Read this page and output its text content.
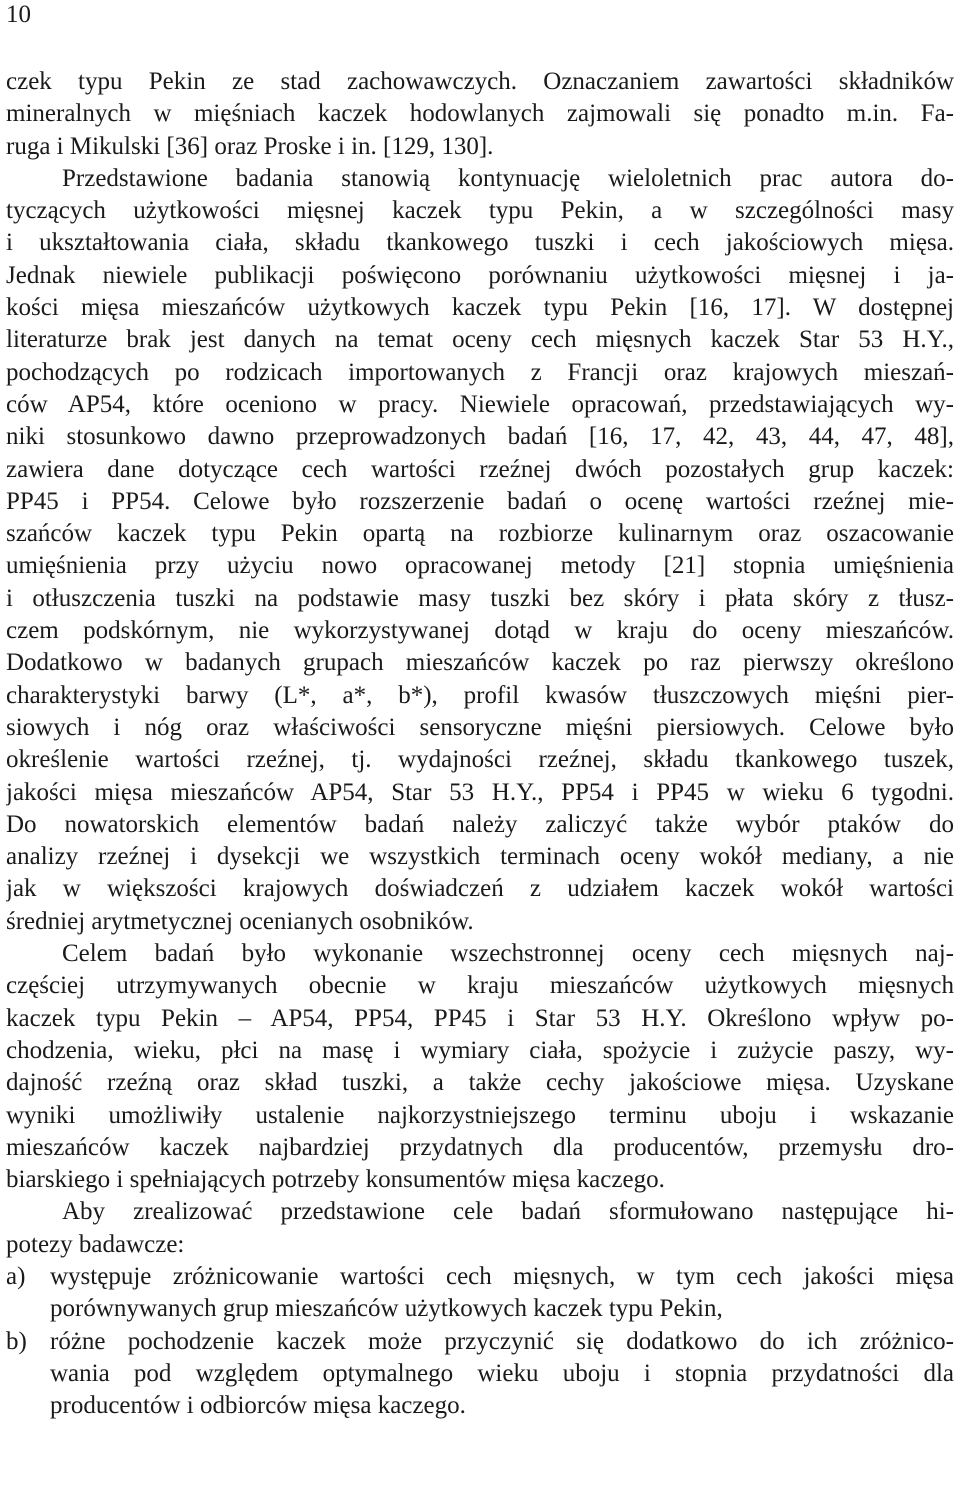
10
czek typu Pekin ze stad zachowawczych. Oznaczaniem zawartości składników
mineralnych w mięśniach kaczek hodowlanych zajmowali się ponadto m.in. Fa-
ruga i Mikulski [36] oraz Proske i in. [129, 130].
Przedstawione badania stanowią kontynuację wieloletnich prac autora do-
tyczących użytkowości mięsnej kaczek typu Pekin, a w szczególności masy
i ukształtowania ciała, składu tkankowego tuszki i cech jakościowych mięsa.
Jednak niewiele publikacji poświęcono porównaniu użytkowości mięsnej i ja-
kości mięsa mieszańców użytkowych kaczek typu Pekin [16, 17]. W dostępnej
literaturze brak jest danych na temat oceny cech mięsnych kaczek Star 53 H.Y.,
pochodzących po rodzicach importowanych z Francji oraz krajowych mieszań-
ców AP54, które oceniono w pracy. Niewiele opracowań, przedstawiających wy-
niki stosunkowo dawno przeprowadzonych badań [16, 17, 42, 43, 44, 47, 48],
zawiera dane dotyczące cech wartości rzeźnej dwóch pozostałych grup kaczek:
PP45 i PP54. Celowe było rozszerzenie badań o ocenę wartości rzeźnej mie-
szańców kaczek typu Pekin opartą na rozbiorze kulinarnym oraz oszacowanie
umięśnienia przy użyciu nowo opracowanej metody [21] stopnia umięśnienia
i otłuszczenia tuszki na podstawie masy tuszki bez skóry i płata skóry z tłusz-
czem podskórnym, nie wykorzystywanej dotąd w kraju do oceny mieszańców.
Dodatkowo w badanych grupach mieszańców kaczek po raz pierwszy określono
charakterystyki barwy (L*, a*, b*), profil kwasów tłuszczowych mięśni pier-
siowych i nóg oraz właściwości sensoryczne mięśni piersiowych. Celowe było
określenie wartości rzeźnej, tj. wydajności rzeźnej, składu tkankowego tuszek,
jakości mięsa mieszańców AP54, Star 53 H.Y., PP54 i PP45 w wieku 6 tygodni.
Do nowatorskich elementów badań należy zaliczyć także wybór ptaków do
analizy rzeźnej i dysekcji we wszystkich terminach oceny wokół mediany, a nie
jak w większości krajowych doświadczeń z udziałem kaczek wokół wartości
średniej arytmetycznej ocenianych osobników.
Celem badań było wykonanie wszechstronnej oceny cech mięsnych naj-
częściej utrzymywanych obecnie w kraju mieszańców użytkowych mięsnych
kaczek typu Pekin – AP54, PP54, PP45 i Star 53 H.Y. Określono wpływ po-
chodzenia, wieku, płci na masę i wymiary ciała, spożycie i zużycie paszy, wy-
dajność rzeźną oraz skład tuszki, a także cechy jakościowe mięsa. Uzyskane
wyniki umożliwiły ustalenie najkorzystniejszego terminu uboju i wskazanie
mieszańców kaczek najbardziej przydatnych dla producentów, przemysłu dro-
biarskiego i spełniających potrzeby konsumentów mięsa kaczego.
Aby zrealizować przedstawione cele badań sformułowano następujące hi-
potezy badawcze:
a) występuje zróżnicowanie wartości cech mięsnych, w tym cech jakości mięsa
porównywanych grup mieszańców użytkowych kaczek typu Pekin,
b) różne pochodzenie kaczek może przyczynić się dodatkowo do ich zróżnico-
wania pod względem optymalnego wieku uboju i stopnia przydatności dla
producentów i odbiorców mięsa kaczego.
